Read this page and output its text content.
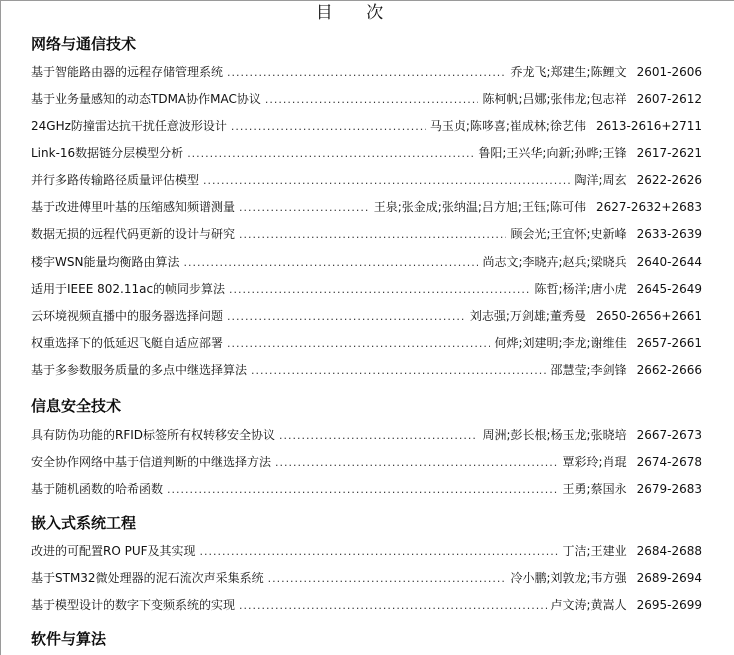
目 次
网络与通信技术
基于智能路由器的远程存储管理系统 .....	乔龙飞;郑建生;陈鲤文 2601-2606
基于业务量感知的动态TDMA协作MAC协议 .....	陈柯帆;吕娜;张伟龙;包志祥 2607-2612
24GHz防撞雷达抗干扰任意波形设计 .....	马玉贞;陈哆喜;崔成林;徐艺伟 2613-2616+2711
Link-16数据链分层模型分析 .....	鲁阳;王兴华;向新;孙晔;王锋 2617-2621
并行多路传输路径质量评估模型 .....	陶洋;周玄 2622-2626
基于改进傅里叶基的压缩感知频谱测量 .....	王泉;张金成;张纳温;吕方旭;王钰;陈可伟 2627-2632+2683
数据无损的远程代码更新的设计与研究 .....	顾会光;王宜怀;史新峰 2633-2639
楼宇WSN能量均衡路由算法 .....	尚志文;李晓卉;赵兵;梁晓兵 2640-2644
适用于IEEE 802.11ac的帧同步算法 .....	陈哲;杨洋;唐小虎 2645-2649
云环境视频直播中的服务器选择问题 .....	刘志强;万剑雄;董秀曼 2650-2656+2661
权重选择下的低延迟飞艇自适应部署 .....	何烨;刘建明;李龙;谢维佳 2657-2661
基于多参数服务质量的多点中继选择算法 .....	邵慧莹;李剑锋 2662-2666
信息安全技术
具有防伪功能的RFID标签所有权转移安全协议 .....	周洲;彭长根;杨玉龙;张晓培 2667-2673
安全协作网络中基于信道判断的中继选择方法 .....	覃彩玲;肖琨 2674-2678
基于随机函数的哈希函数 .....	王勇;蔡国永 2679-2683
嵌入式系统工程
改进的可配置RO PUF及其实现 .....	丁洁;王建业 2684-2688
基于STM32微处理器的泥石流次声采集系统 .....	冷小鹏;刘敦龙;韦方强 2689-2694
基于模型设计的数字下变频系统的实现 .....	卢文涛;黄嵩人 2695-2699
软件与算法
